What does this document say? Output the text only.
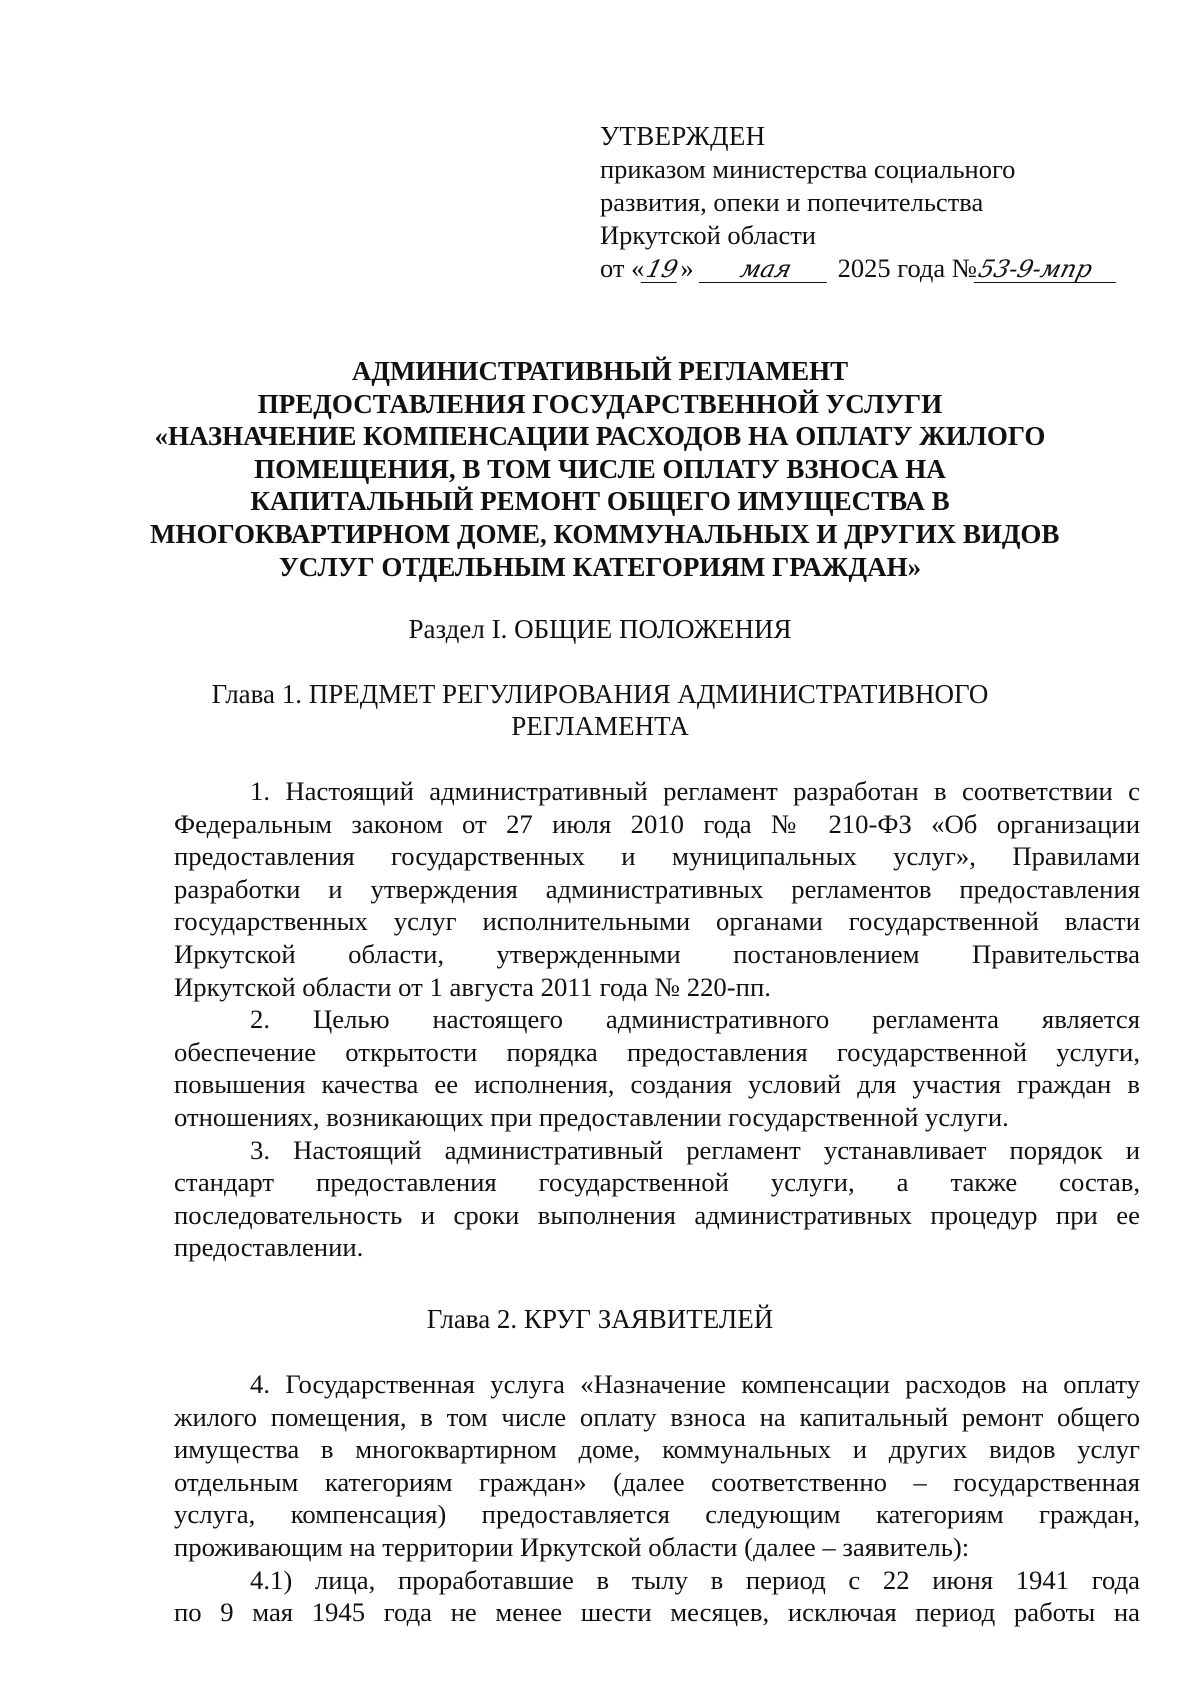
УТВЕРЖДЕН
приказом министерства социального
развития, опеки и попечительства
Иркутской области
от «19» мая 2025 года №53-9-мпр
АДМИНИСТРАТИВНЫЙ РЕГЛАМЕНТ
ПРЕДОСТАВЛЕНИЯ ГОСУДАРСТВЕННОЙ УСЛУГИ
«НАЗНАЧЕНИЕ КОМПЕНСАЦИИ РАСХОДОВ НА ОПЛАТУ ЖИЛОГО
ПОМЕЩЕНИЯ, В ТОМ ЧИСЛЕ ОПЛАТУ ВЗНОСА НА
КАПИТАЛЬНЫЙ РЕМОНТ ОБЩЕГО ИМУЩЕСТВА В
МНОГОКВАРТИРНОМ ДОМЕ, КОММУНАЛЬНЫХ И ДРУГИХ ВИДОВ
УСЛУГ ОТДЕЛЬНЫМ КАТЕГОРИЯМ ГРАЖДАН»
Раздел I. ОБЩИЕ ПОЛОЖЕНИЯ
Глава 1. ПРЕДМЕТ РЕГУЛИРОВАНИЯ АДМИНИСТРАТИВНОГО
РЕГЛАМЕНТА
1. Настоящий административный регламент разработан в соответствии с
Федеральным законом от 27 июля 2010 года № 210-ФЗ «Об организации
предоставления государственных и муниципальных услуг», Правилами
разработки и утверждения административных регламентов предоставления
государственных услуг исполнительными органами государственной власти
Иркутской области, утвержденными постановлением Правительства
Иркутской области от 1 августа 2011 года № 220-пп.
2. Целью настоящего административного регламента является
обеспечение открытости порядка предоставления государственной услуги,
повышения качества ее исполнения, создания условий для участия граждан в
отношениях, возникающих при предоставлении государственной услуги.
3. Настоящий административный регламент устанавливает порядок и
стандарт предоставления государственной услуги, а также состав,
последовательность и сроки выполнения административных процедур при ее
предоставлении.
Глава 2. КРУГ ЗАЯВИТЕЛЕЙ
4. Государственная услуга «Назначение компенсации расходов на оплату
жилого помещения, в том числе оплату взноса на капитальный ремонт общего
имущества в многоквартирном доме, коммунальных и других видов услуг
отдельным категориям граждан» (далее соответственно – государственная
услуга, компенсация) предоставляется следующим категориям граждан,
проживающим на территории Иркутской области (далее – заявитель):
4.1) лица, проработавшие в тылу в период с 22 июня 1941 года
по 9 мая 1945 года не менее шести месяцев, исключая период работы на
